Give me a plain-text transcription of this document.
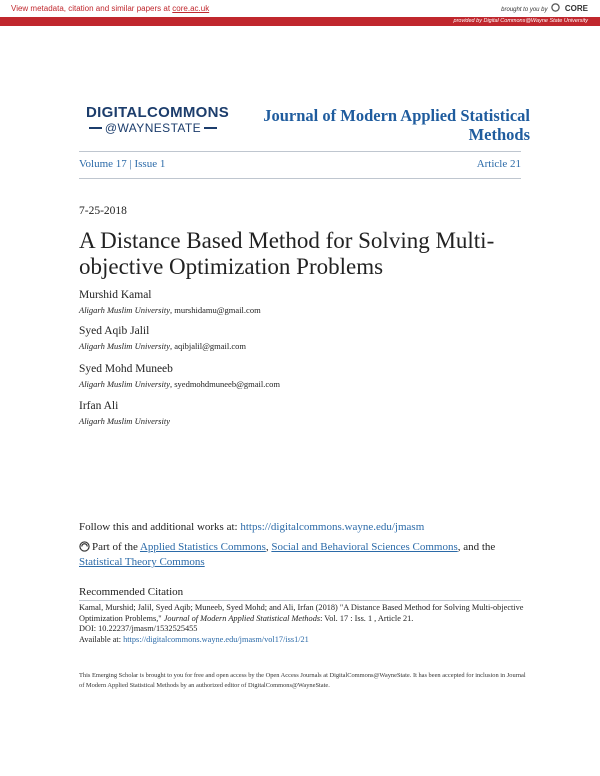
View metadata, citation and similar papers at core.ac.uk	brought to you by CORE
provided by Digital Commons@Wayne State University
DIGITALCOMMONS
@WAYNESTATE
Journal of Modern Applied Statistical Methods
Volume 17 | Issue 1	Article 21
7-25-2018
A Distance Based Method for Solving Multi-objective Optimization Problems
Murshid Kamal
Aligarh Muslim University, murshidamu@gmail.com
Syed Aqib Jalil
Aligarh Muslim University, aqibjalil@gmail.com
Syed Mohd Muneeb
Aligarh Muslim University, syedmohdmuneeb@gmail.com
Irfan Ali
Aligarh Muslim University
Follow this and additional works at: https://digitalcommons.wayne.edu/jmasm
Part of the Applied Statistics Commons, Social and Behavioral Sciences Commons, and the Statistical Theory Commons
Recommended Citation
Kamal, Murshid; Jalil, Syed Aqib; Muneeb, Syed Mohd; and Ali, Irfan (2018) "A Distance Based Method for Solving Multi-objective Optimization Problems," Journal of Modern Applied Statistical Methods: Vol. 17 : Iss. 1 , Article 21.
DOI: 10.22237/jmasm/1532525455
Available at: https://digitalcommons.wayne.edu/jmasm/vol17/iss1/21
This Emerging Scholar is brought to you for free and open access by the Open Access Journals at DigitalCommons@WayneState. It has been accepted for inclusion in Journal of Modern Applied Statistical Methods by an authorized editor of DigitalCommons@WayneState.
